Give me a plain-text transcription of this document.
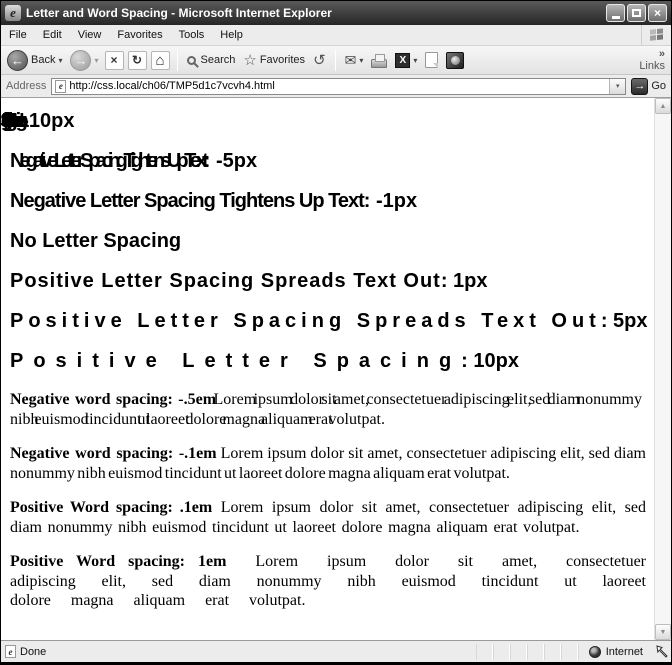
e Letter and Word Spacing - Microsoft Internet Explorer	×
File	Edit	View	Favorites	Tools	Help
← Back ▾ → ▾ × ↻ ⌂	Search ☆ Favorites ↺ ✉ ▾	X ▾
»
Links
Address	e
http://css.local/ch06/TMP5d1c7vcvh4.html	▾ → Go
: -10px
Negative Letter Spacing Tightens Up Text: -5px
Negative Letter Spacing Tightens Up Text: -1px
No Letter Spacing
Positive Letter Spacing Spreads Text Out: 1px
Positive Letter Spacing Spreads Text Out: 5px
Positive Letter Spacing: 10px

Negative word spacing: -.5em Lorem ipsum dolor sit amet, consectetuer adipiscing elit, sed diam nonummy nibh euismod tincidunt ut laoreet dolore magna aliquam erat volutpat.

Negative word spacing: -.1em Lorem ipsum dolor sit amet, consectetuer adipiscing elit, sed diam nonummy nibh euismod tincidunt ut laoreet dolore magna aliquam erat volutpat.

Positive Word spacing: .1em Lorem ipsum dolor sit amet, consectetuer adipiscing elit, sed diam nonummy nibh euismod tincidunt ut laoreet dolore magna aliquam erat volutpat.

Positive Word spacing: 1em Lorem ipsum dolor sit amet, consectetuer adipiscing elit, sed diam nonummy nibh euismod tincidunt ut laoreet dolore magna aliquam erat volutpat.

▲
▼
e Done	Internet
